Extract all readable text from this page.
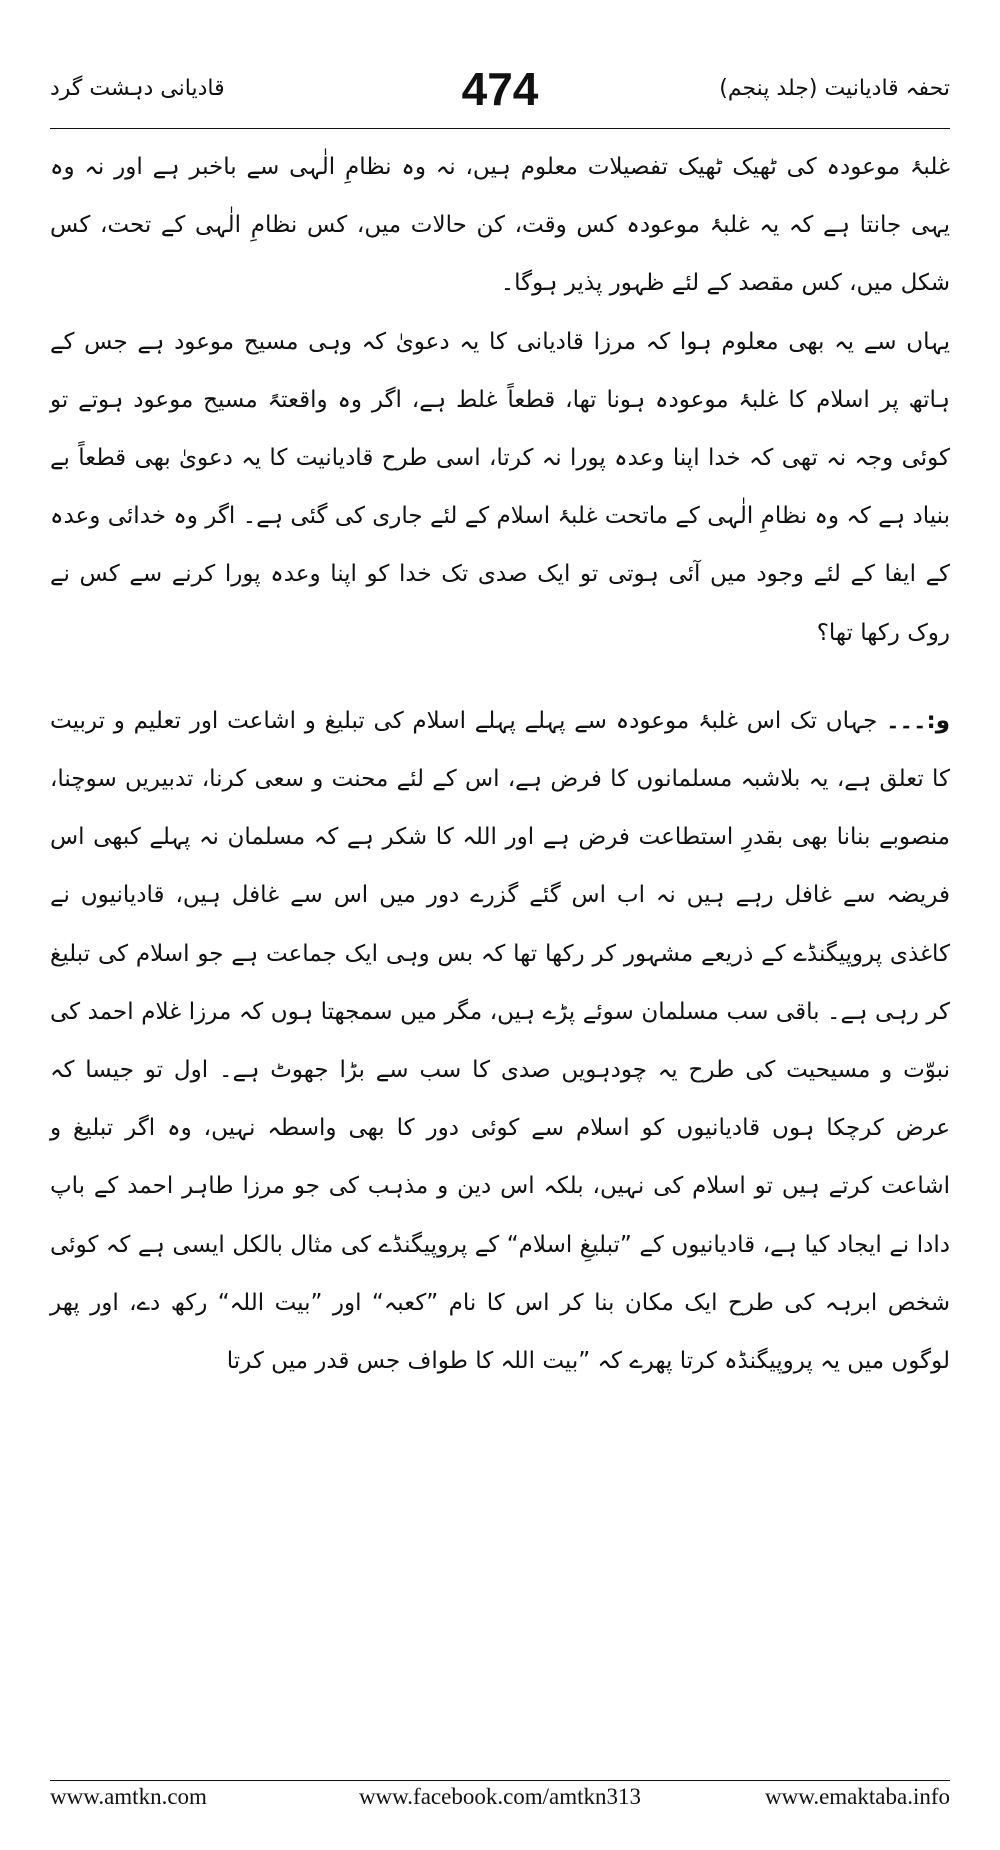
قادیانی دہشت گرد	474	تحفہ قادیانیت (جلد پنجم)

غلبۂ موعودہ کی ٹھیک ٹھیک تفصیلات معلوم ہیں، نہ وہ نظامِ الٰہی سے باخبر ہے اور نہ وہ یہی جانتا ہے کہ یہ غلبۂ موعودہ کس وقت، کن حالات میں، کس نظامِ الٰہی کے تحت، کس شکل میں، کس مقصد کے لئے ظہور پذیر ہوگا۔

یہاں سے یہ بھی معلوم ہوا کہ مرزا قادیانی کا یہ دعویٰ کہ وہی مسیح موعود ہے جس کے ہاتھ پر اسلام کا غلبۂ موعودہ ہونا تھا، قطعاً غلط ہے، اگر وہ واقعتہً مسیح موعود ہوتے تو کوئی وجہ نہ تھی کہ خدا اپنا وعدہ پورا نہ کرتا، اسی طرح قادیانیت کا یہ دعویٰ بھی قطعاً بے بنیاد ہے کہ وہ نظامِ الٰہی کے ماتحت غلبۂ اسلام کے لئے جاری کی گئی ہے۔ اگر وہ خدائی وعدہ کے ایفا کے لئے وجود میں آئی ہوتی تو ایک صدی تک خدا کو اپنا وعدہ پورا کرنے سے کس نے روک رکھا تھا؟

و:۔۔۔ جہاں تک اس غلبۂ موعودہ سے پہلے پہلے اسلام کی تبلیغ و اشاعت اور تعلیم و تربیت کا تعلق ہے، یہ بلاشبہ مسلمانوں کا فرض ہے، اس کے لئے محنت و سعی کرنا، تدبیریں سوچنا، منصوبے بنانا بھی بقدرِ استطاعت فرض ہے اور اللہ کا شکر ہے کہ مسلمان نہ پہلے کبھی اس فریضہ سے غافل رہے ہیں نہ اب اس گئے گزرے دور میں اس سے غافل ہیں، قادیانیوں نے کاغذی پروپیگنڈے کے ذریعے مشہور کر رکھا تھا کہ بس وہی ایک جماعت ہے جو اسلام کی تبلیغ کر رہی ہے۔ باقی سب مسلمان سوئے پڑے ہیں، مگر میں سمجھتا ہوں کہ مرزا غلام احمد کی نبوّت و مسیحیت کی طرح یہ چودہویں صدی کا سب سے بڑا جھوٹ ہے۔ اول تو جیسا کہ عرض کرچکا ہوں قادیانیوں کو اسلام سے کوئی دور کا بھی واسطہ نہیں، وہ اگر تبلیغ و اشاعت کرتے ہیں تو اسلام کی نہیں، بلکہ اس دین و مذہب کی جو مرزا طاہر احمد کے باپ دادا نے ایجاد کیا ہے، قادیانیوں کے ”تبلیغِ اسلام“ کے پروپیگنڈے کی مثال بالکل ایسی ہے کہ کوئی شخص ابرہہ کی طرح ایک مکان بنا کر اس کا نام ”کعبہ“ اور ”بیت اللہ“ رکھ دے، اور پھر لوگوں میں یہ پروپیگنڈہ کرتا پھرے کہ ”بیت اللہ کا طواف جس قدر میں کرتا

www.amtkn.com	www.facebook.com/amtkn313	www.emaktaba.info
